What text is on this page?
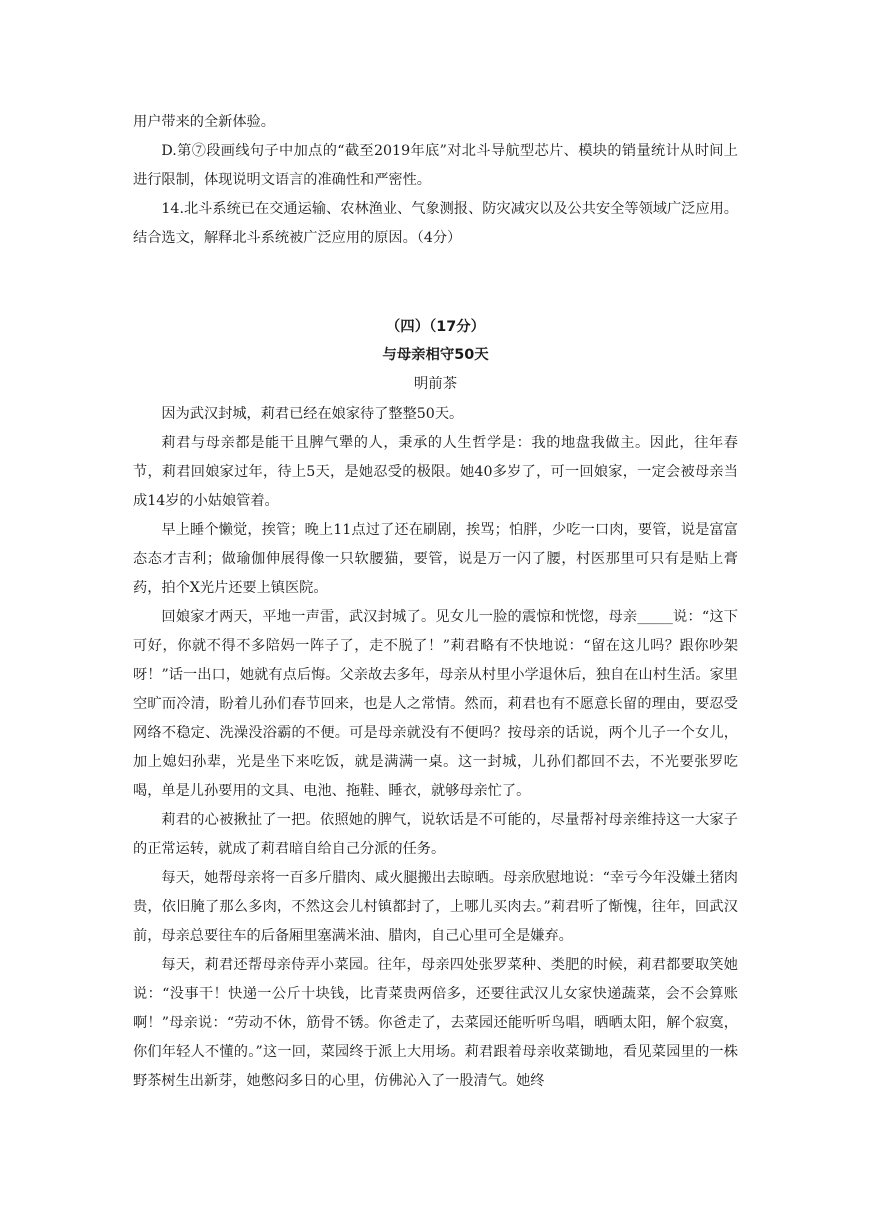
用户带来的全新体验。

D.第⑦段画线句子中加点的“截至2019年底”对北斗导航型芯片、模块的销量统计从时间上进行限制，体现说明文语言的准确性和严密性。

14.北斗系统已在交通运输、农林渔业、气象测报、防灾减灾以及公共安全等领域广泛应用。结合选文，解释北斗系统被广泛应用的原因。（4分）

（四）（17分）
与母亲相守50天
明前茶

因为武汉封城，莉君已经在娘家待了整整50天。

莉君与母亲都是能干且脾气犟的人，秉承的人生哲学是：我的地盘我做主。因此，往年春节，莉君回娘家过年，待上5天，是她忍受的极限。她40多岁了，可一回娘家，一定会被母亲当成14岁的小姑娘管着。

早上睡个懒觉，挨管；晚上11点过了还在刷剧，挨骂；怕胖，少吃一口肉，要管，说是富富态态才吉利；做瑜伽伸展得像一只软腰猫，要管，说是万一闪了腰，村医那里可只有是贴上膏药，拍个X光片还要上镇医院。

回娘家才两天，平地一声雷，武汉封城了。见女儿一脸的震惊和恍惚，母亲_____说：“这下可好，你就不得不多陪妈一阵子了，走不脱了！”莉君略有不快地说：“留在这儿吗？跟你吵架呀！”话一出口，她就有点后悔。父亲故去多年，母亲从村里小学退休后，独自在山村生活。家里空旷而冷清，盼着儿孙们春节回来，也是人之常情。然而，莉君也有不愿意长留的理由，要忍受网络不稳定、洗澡没浴霸的不便。可是母亲就没有不便吗？按母亲的话说，两个儿子一个女儿，加上媳妇孙辈，光是坐下来吃饭，就是满满一桌。这一封城，儿孙们都回不去，不光要张罗吃喝，单是儿孙要用的文具、电池、拖鞋、睡衣，就够母亲忙了。

莉君的心被揪扯了一把。依照她的脾气，说软话是不可能的，尽量帮衬母亲维持这一大家子的正常运转，就成了莉君暗自给自己分派的任务。

每天，她帮母亲将一百多斤腊肉、咸火腿搬出去晾晒。母亲欣慰地说：“幸亏今年没嫌土猪肉贵，依旧腌了那么多肉，不然这会儿村镇都封了，上哪儿买肉去。”莉君听了惭愧，往年，回武汉前，母亲总要往车的后备厢里塞满米油、腊肉，自己心里可全是嫌弃。

每天，莉君还帮母亲侍弄小菜园。往年，母亲四处张罗菜种、类肥的时候，莉君都要取笑她说：“没事干！快递一公斤十块钱，比青菜贵两倍多，还要往武汉儿女家快递蔬菜，会不会算账啊！”母亲说：“劳动不休，筋骨不锈。你爸走了，去菜园还能听听鸟唱，晒晒太阳，解个寂寞，你们年轻人不懂的。”这一回，菜园终于派上大用场。莉君跟着母亲收菜锄地，看见菜园里的一株野茶树生出新芽，她憋闷多日的心里，仿佛沁入了一股清气。她终
